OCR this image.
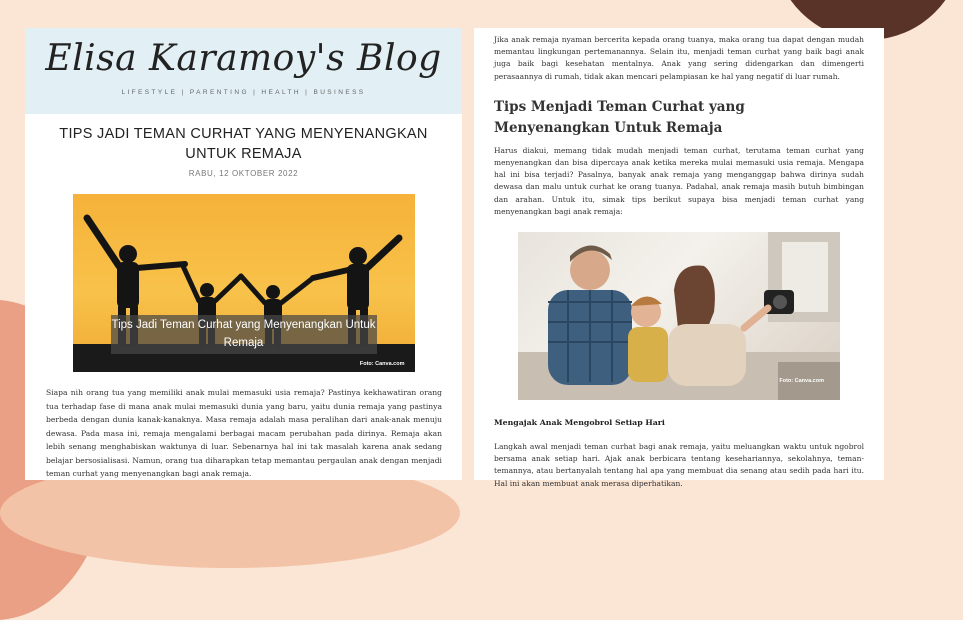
Elisa Karamoy's Blog
LIFESTYLE | PARENTING | HEALTH | BUSINESS
TIPS JADI TEMAN CURHAT YANG MENYENANGKAN UNTUK REMAJA
RABU, 12 OKTOBER 2022
Tips Jadi Teman Curhat yang Menyenangkan Untuk Remaja
Foto: Canva.com
Siapa nih orang tua yang memiliki anak mulai memasuki usia remaja? Pastinya kekhawatiran orang tua terhadap fase di mana anak mulai memasuki dunia yang baru, yaitu dunia remaja yang pastinya berbeda dengan dunia kanak-kanaknya. Masa remaja adalah masa peralihan dari anak-anak menuju dewasa. Pada masa ini, remaja mengalami berbagai macam perubahan pada dirinya. Remaja akan lebih senang menghabiskan waktunya di luar. Sebenarnya hal ini tak masalah karena anak sedang belajar bersosialisasi. Namun, orang tua diharapkan tetap memantau pergaulan anak dengan menjadi teman curhat yang menyenangkan bagi anak remaja.
Jika anak remaja nyaman bercerita kepada orang tuanya, maka orang tua dapat dengan mudah memantau lingkungan pertemanannya. Selain itu, menjadi teman curhat yang baik bagi anak juga baik bagi kesehatan mentalnya. Anak yang sering didengarkan dan dimengerti perasaannya di rumah, tidak akan mencari pelampiasan ke hal yang negatif di luar rumah.
Tips Menjadi Teman Curhat yang Menyenangkan Untuk Remaja
Harus diakui, memang tidak mudah menjadi teman curhat, terutama teman curhat yang menyenangkan dan bisa dipercaya anak ketika mereka mulai memasuki usia remaja. Mengapa hal ini bisa terjadi? Pasalnya, banyak anak remaja yang menganggap bahwa dirinya sudah dewasa dan malu untuk curhat ke orang tuanya. Padahal, anak remaja masih butuh bimbingan dan arahan. Untuk itu, simak tips berikut supaya bisa menjadi teman curhat yang menyenangkan bagi anak remaja:
Foto: Canva.com
Mengajak Anak Mengobrol Setiap Hari
Langkah awal menjadi teman curhat bagi anak remaja, yaitu meluangkan waktu untuk ngobrol bersama anak setiap hari. Ajak anak berbicara tentang kesehariannya, sekolahnya, teman-temannya, atau bertanyalah tentang hal apa yang membuat dia senang atau sedih pada hari itu. Hal ini akan membuat anak merasa diperhatikan.
